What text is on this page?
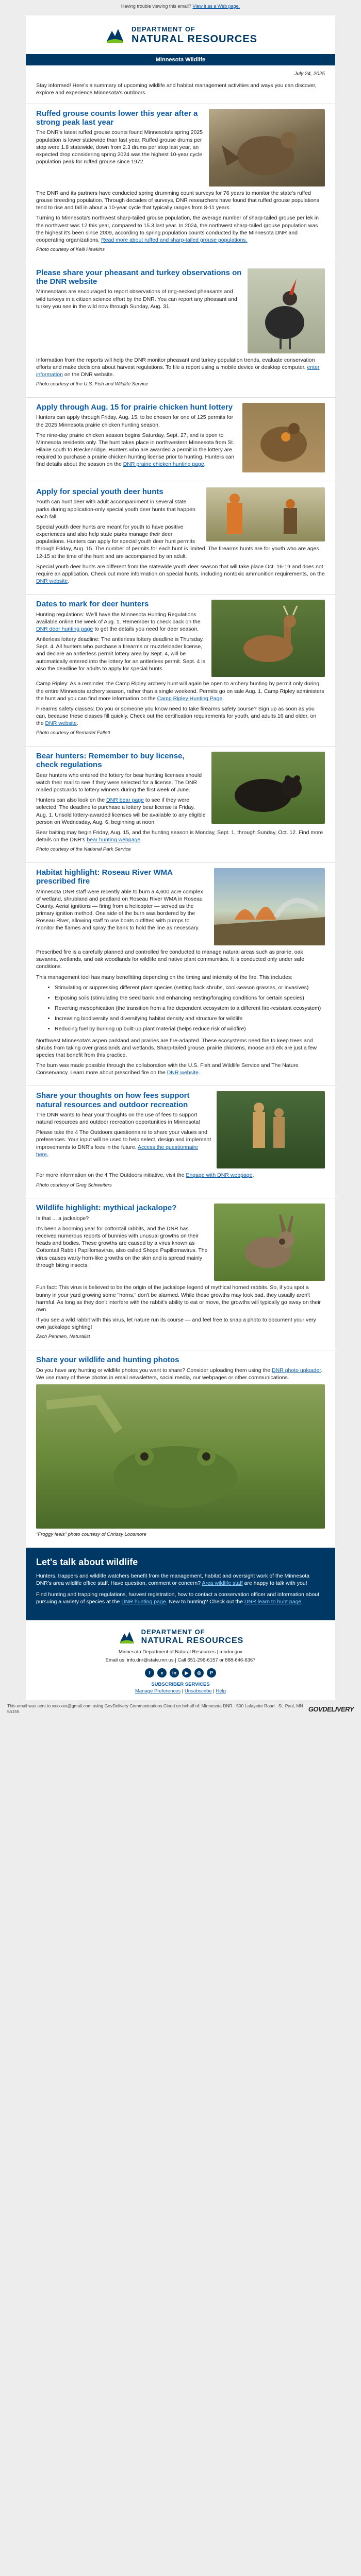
Having trouble viewing this email? View it as a Web page.
DEPARTMENT OF
NATURAL RESOURCES
Minnesota Wildlife
July 24, 2025
Stay informed! Here's a summary of upcoming wildlife and habitat management activities and ways you can discover, explore and experience Minnesota's outdoors.
Ruffed grouse counts lower this year after a strong peak last year

The DNR's latest ruffed grouse counts found Minnesota's spring 2025 population is lower statewide than last year. Ruffed grouse drums per stop were 1.8 statewide, down from 2.3 drums per stop last year, an expected drop considering spring 2024 was the highest 10-year cycle population peak for ruffed grouse since 1972.

The DNR and its partners have conducted spring drumming count surveys for 76 years to monitor the state's ruffed grouse breeding population. Through decades of surveys, DNR researchers have found that ruffed grouse populations tend to rise and fall in about a 10-year cycle that typically ranges from 8-11 years.

Turning to Minnesota's northwest sharp-tailed grouse population, the average number of sharp-tailed grouse per lek in the northwest was 12 this year, compared to 15.3 last year. In 2024, the northwest sharp-tailed grouse population was the highest it's been since 2009, according to spring population counts conducted by the Minnesota DNR and cooperating organizations. Read more about ruffed and sharp-tailed grouse populations.

Photo courtesy of Kelli Hawkins

Please share your pheasant and turkey observations on the DNR website

Minnesotans are encouraged to report observations of ring-necked pheasants and wild turkeys in a citizen science effort by the DNR. You can report any pheasant and turkey you see in the wild now through Sunday, Aug. 31.

Information from the reports will help the DNR monitor pheasant and turkey population trends, evaluate conservation efforts and make decisions about harvest regulations. To file a report using a mobile device or desktop computer, enter information on the DNR website.

Photo courtesy of the U.S. Fish and Wildlife Service

Apply through Aug. 15 for prairie chicken hunt lottery

Hunters can apply through Friday, Aug. 15, to be chosen for one of 125 permits for the 2025 Minnesota prairie chicken hunting season.

The nine-day prairie chicken season begins Saturday, Sept. 27, and is open to Minnesota residents only. The hunt takes place in northwestern Minnesota from St. Hilaire south to Breckenridge. Hunters who are awarded a permit in the lottery are required to purchase a prairie chicken hunting license prior to hunting. Hunters can find details about the season on the DNR prairie chicken hunting page.

Apply for special youth deer hunts

Youth can hunt deer with adult accompaniment in several state parks during application-only special youth deer hunts that happen each fall.

Special youth deer hunts are meant for youth to have positive experiences and also help state parks manage their deer populations. Hunters can apply for special youth deer hunt permits through Friday, Aug. 15. The number of permits for each hunt is limited. The firearms hunts are for youth who are ages 12-15 at the time of the hunt and are accompanied by an adult.

Special youth deer hunts are different from the statewide youth deer season that will take place Oct. 16-19 and does not require an application. Check out more information on special hunts, including nontoxic ammunition requirements, on the DNR website.

Dates to mark for deer hunters

Hunting regulations: We'll have the Minnesota Hunting Regulations available online the week of Aug. 1. Remember to check back on the DNR deer hunting page to get the details you need for deer season.

Antlerless lottery deadline: The antlerless lottery deadline is Thursday, Sept. 4. All hunters who purchase a firearms or muzzleloader license, and declare an antlerless permit lottery area by Sept. 4, will be automatically entered into the lottery for an antlerless permit. Sept. 4 is also the deadline for adults to apply for special hunts.

Camp Ripley: As a reminder, the Camp Ripley archery hunt will again be open to archery hunting by permit only during the entire Minnesota archery season, rather than a single weekend. Permits go on sale Aug. 1. Camp Ripley administers the hunt and you can find more information on the Camp Ripley Hunting Page.

Firearms safety classes: Do you or someone you know need to take firearms safety course? Sign up as soon as you can, because these classes fill quickly. Check out the certification requirements for youth, and adults 16 and older, on the DNR website.

Photo courtesy of Bernadet Fallett

Bear hunters: Remember to buy license, check regulations

Bear hunters who entered the lottery for bear hunting licenses should watch their mail to see if they were selected for a license. The DNR mailed postcards to lottery winners during the first week of June.

Hunters can also look on the DNR bear page to see if they were selected. The deadline to purchase a lottery bear license is Friday, Aug. 1. Unsold lottery-awarded licenses will be available to any eligible person on Wednesday, Aug. 6, beginning at noon.

Bear baiting may begin Friday, Aug. 15, and the hunting season is Monday, Sept. 1, through Sunday, Oct. 12. Find more details on the DNR's bear hunting webpage.

Photo courtesy of the National Park Service

Habitat highlight: Roseau River WMA prescribed fire

Minnesota DNR staff were recently able to burn a 4,600 acre complex of wetland, shrubland and peatland on Roseau River WMA in Roseau County. Aerial ignitions — firing from a helicopter — served as the primary ignition method. One side of the burn was bordered by the Roseau River, allowing staff to use boats outfitted with pumps to monitor the flames and spray the bank to hold the line as necessary.

Prescribed fire is a carefully planned and controlled fire conducted to manage natural areas such as prairie, oak savanna, wetlands, and oak woodlands for wildlife and native plant communities. It is conducted only under safe conditions.

This management tool has many benefitting depending on the timing and intensity of the fire. This includes:

• Stimulating or suppressing different plant species (setting back shrubs, cool-season grasses, or invasives)
• Exposing soils (stimulating the seed bank and enhancing nesting/foraging conditions for certain species)
• Reverting mesophication (the transition from a fire dependent ecosystem to a different fire-resistant ecosystem)
• Increasing biodiversity and diversifying habitat density and structure for wildlife
• Reducing fuel by burning up built-up plant material (helps reduce risk of wildfire)

Northwest Minnesota's aspen parkland and prairies are fire-adapted. These ecosystems need fire to keep trees and shrubs from taking over grasslands and wetlands. Sharp-tailed grouse, prairie chickens, moose and elk are just a few species that benefit from this practice.

The burn was made possible through the collaboration with the U.S. Fish and Wildlife Service and The Nature Conservancy. Learn more about prescribed fire on the DNR website.

Share your thoughts on how fees support natural resources and outdoor recreation

The DNR wants to hear your thoughts on the use of fees to support natural resources and outdoor recreation opportunities in Minnesota!

Please take the 4 The Outdoors questionnaire to share your values and preferences. Your input will be used to help select, design and implement improvements to DNR's fees in the future. Access the questionnaire here.

For more information on the 4 The Outdoors initiative, visit the Engage with DNR webpage.

Photo courtesy of Greg Schweiters

Wildlife highlight: mythical jackalope?

Is that ... a jackalope?

It's been a booming year for cottontail rabbits, and the DNR has received numerous reports of bunnies with unusual growths on their heads and bodies. These growths are caused by a virus known as Cottontail Rabbit Papillomavirus, also called Shope Papillomavirus. The virus causes warty horn-like growths on the skin and is spread mainly through biting insects.

Fun fact: This virus is believed to be the origin of the jackalope legend of mythical horned rabbits. So, if you spot a bunny in your yard growing some "horns," don't be alarmed. While these growths may look bad, they usually aren't harmful. As long as they don't interfere with the rabbit's ability to eat or move, the growths will typically go away on their own.

If you see a wild rabbit with this virus, let nature run its course — and feel free to snap a photo to document your very own jackalope sighting!

Zach Perimen, Naturalist

Share your wildlife and hunting photos

Do you have any hunting or wildlife photos you want to share? Consider uploading them using the DNR photo uploader. We use many of these photos in email newsletters, social media, our webpages or other communications.

"Froggy feels" photo courtesy of Chrissy Loosmore

Let's talk about wildlife

Hunters, trappers and wildlife watchers benefit from the management, habitat and oversight work of the Minnesota DNR's area wildlife office staff. Have question, comment or concern? Area wildlife staff are happy to talk with you!

Find hunting and trapping regulations, harvest registration, how to contact a conservation officer and information about pursuing a variety of species at the DNR hunting page. New to hunting? Check out the DNR learn to hunt page.

DEPARTMENT OF
NATURAL RESOURCES
Minnesota Department of Natural Resources | mndnr.gov
Email us: info.dnr@state.mn.us | Call 651-296-6157 or 888-646-6367
f	x	in	▶	◎	P
SUBSCRIBER SERVICES
Manage Preferences | Unsubscribe | Help
This email was sent to xxxxxxx@gmail.com using GovDelivery Communications Cloud on behalf of: Minnesota DNR · 500 Lafayette Road · St. Paul, MN 55155	GOVDELIVERY
